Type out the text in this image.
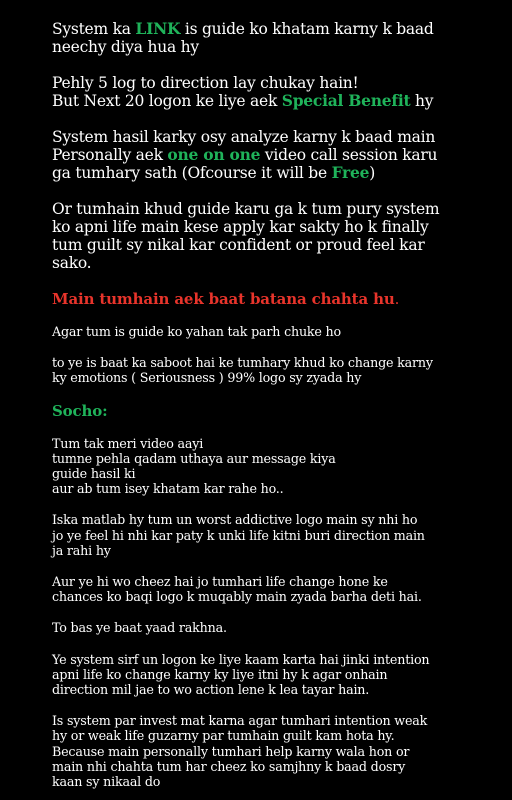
System ka LINK is guide ko khatam karny k baad
neechy diya hua hy
Pehly 5 log to direction lay chukay hain!
But Next 20 logon ke liye aek Special Benefit hy
System hasil karky osy analyze karny k baad main
Personally aek one on one video call session karu
ga tumhary sath (Ofcourse it will be Free)
Or tumhain khud guide karu ga k tum pury system
ko apni life main kese apply kar sakty ho k finally
tum guilt sy nikal kar confident or proud feel kar
sako.
Main tumhain aek baat batana chahta hu.
Agar tum is guide ko yahan tak parh chuke ho
to ye is baat ka saboot hai ke tumhary khud ko change karny
ky emotions ( Seriousness ) 99% logo sy zyada hy
Socho:
Tum tak meri video aayi
tumne pehla qadam uthaya aur message kiya
guide hasil ki
aur ab tum isey khatam kar rahe ho..
Iska matlab hy tum un worst addictive logo main sy nhi ho
jo ye feel hi nhi kar paty k unki life kitni buri direction main
ja rahi hy
Aur ye hi wo cheez hai jo tumhari life change hone ke
chances ko baqi logo k muqably main zyada barha deti hai.
To bas ye baat yaad rakhna.
Ye system sirf un logon ke liye kaam karta hai jinki intention
apni life ko change karny ky liye itni hy k agar onhain
direction mil jae to wo action lene k lea tayar hain.
Is system par invest mat karna agar tumhari intention weak
hy or weak life guzarny par tumhain guilt kam hota hy.
Because main personally tumhari help karny wala hon or
main nhi chahta tum har cheez ko samjhny k baad dosry
kaan sy nikaal do
